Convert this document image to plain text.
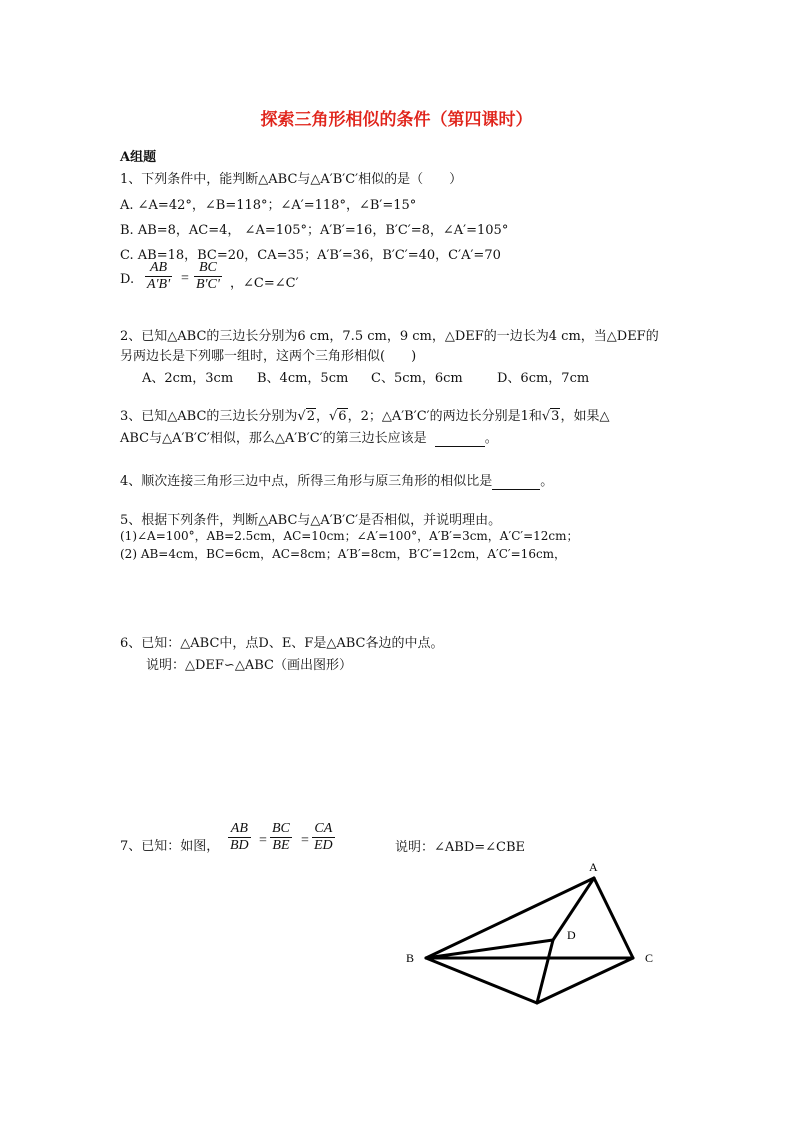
探索三角形相似的条件（第四课时）
A组题
1、下列条件中，能判断△ABC与△A′B′C′相似的是（　　）
A. ∠A=42°，∠B=118°；∠A′=118°，∠B′=15°
B. AB=8，AC=4， ∠A=105°；A′B′=16，B′C′=8，∠A′=105°
C. AB=18，BC=20，CA=35；A′B′=36，B′C′=40，C′A′=70
D. $\frac{AB}{A'B'} = \frac{BC}{B'C'}$ ，∠C=∠C′
2、已知△ABC的三边长分别为6 cm，7.5 cm，9 cm，△DEF的一边长为4 cm，当△DEF的
另两边长是下列哪一组时，这两个三角形相似(　　)
A、2cm，3cm B、4cm，5cm C、5cm，6cm	D、6cm，7cm
3、已知△ABC的三边长分别为√2，√6，2；△A′B′C′的两边长分别是1和√3，如果△
ABC与△A′B′C′相似，那么△A′B′C′的第三边长应该是	。
4、顺次连接三角形三边中点，所得三角形与原三角形的相似比是	。
5、根据下列条件，判断△ABC与△A′B′C′是否相似，并说明理由。
(1)∠A=100°，AB=2.5cm，AC=10cm；∠A′=100°，A′B′=3cm，A′C′=12cm；
(2) AB=4cm，BC=6cm，AC=8cm；A′B′=8cm，B′C′=12cm，A′C′=16cm，
6、已知：△ABC中，点D、E、F是△ABC各边的中点。
说明：△DEF∽△ABC（画出图形）
7、已知：如图， $\frac{AB}{BD} = \frac{BC}{BE} = \frac{CA}{ED}$	说明：∠ABD=∠CBE
A
B	C
D
